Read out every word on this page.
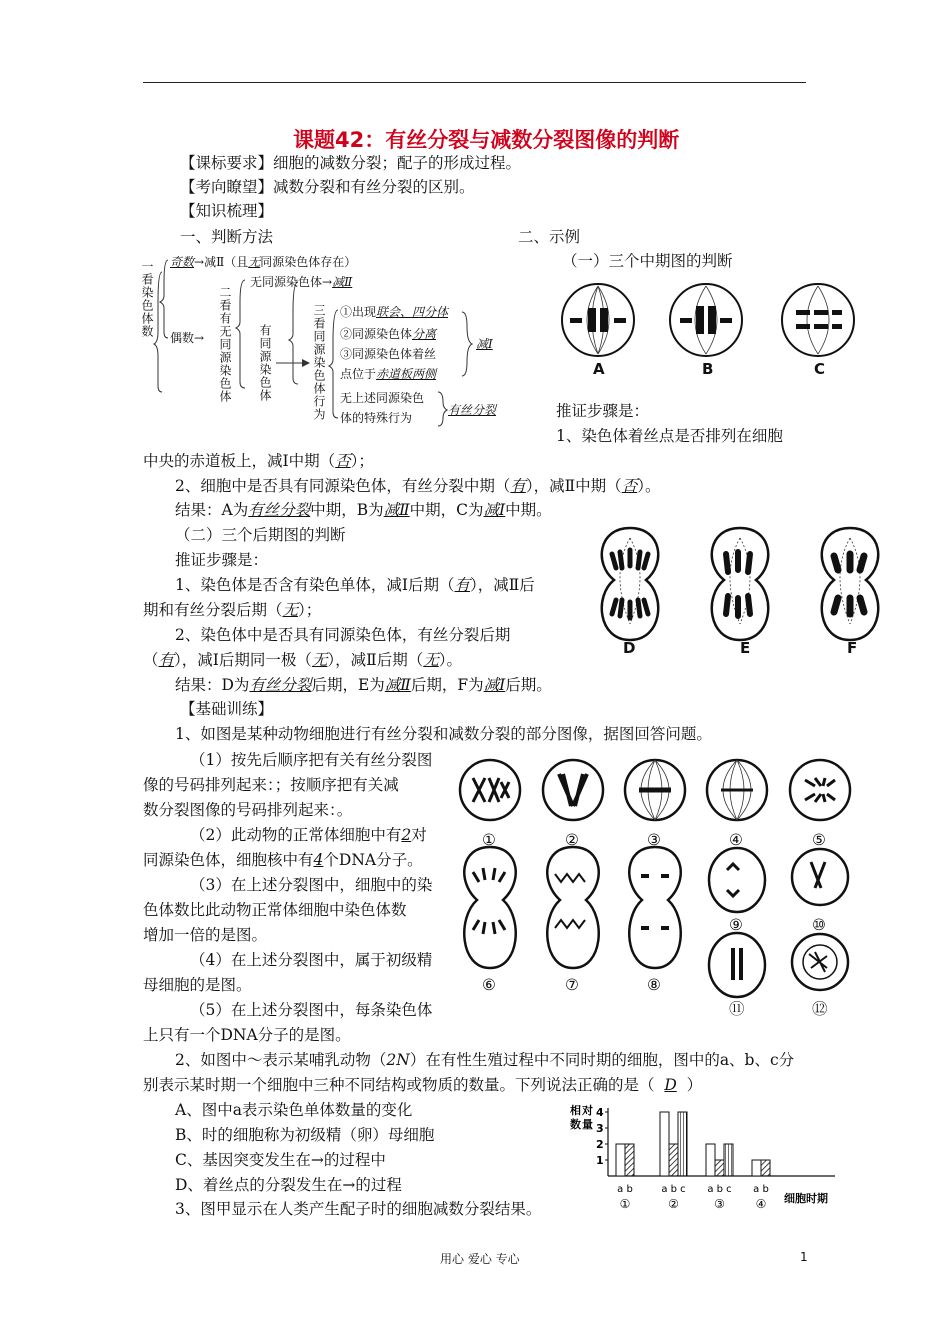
课题42：有丝分裂与减数分裂图像的判断
【课标要求】细胞的减数分裂；配子的形成过程。
【考向瞭望】减数分裂和有丝分裂的区别。
【知识梳理】
一、判断方法	二、示例
一看染色体数 奇数→减Ⅱ（且无同源染色体存在）
偶数→ 二看有无同源染色体
无同源染色体→减Ⅱ
有同源染色体	三看同源染色体行为 ①出现联会、四分体
②同源染色体分离
③同源染色体着丝
点位于赤道板两侧
减Ⅰ
无上述同源染色
体的特殊行为
有丝分裂
（一）三个中期图的判断
A	B	C
推证步骤是：
1、染色体着丝点是否排列在细胞
中央的赤道板上，减Ⅰ中期（否）；
2、细胞中是否具有同源染色体，有丝分裂中期（有），减Ⅱ中期（否）。
结果：A为有丝分裂中期，B为减Ⅱ中期，C为减Ⅰ中期。
（二）三个后期图的判断
推证步骤是：
1、染色体是否含有染色单体，减Ⅰ后期（有），减Ⅱ后
期和有丝分裂后期（无）；
2、染色体中是否具有同源染色体，有丝分裂后期
（有），减Ⅰ后期同一极（无），减Ⅱ后期（无）。
结果：D为有丝分裂后期，E为减Ⅱ后期，F为减Ⅰ后期。
D	E	F
【基础训练】
1、如图是某种动物细胞进行有丝分裂和减数分裂的部分图像，据图回答问题。
（1）按先后顺序把有关有丝分裂图
像的号码排列起来：；按顺序把有关减
数分裂图像的号码排列起来：。
（2）此动物的正常体细胞中有2对
同源染色体，细胞核中有4个DNA分子。
（3）在上述分裂图中，细胞中的染
色体数比此动物正常体细胞中染色体数
增加一倍的是图。
（4）在上述分裂图中，属于初级精
母细胞的是图。
（5）在上述分裂图中，每条染色体
上只有一个DNA分子的是图。
①	②	③	④	⑤
⑥	⑦	⑧
⑨	⑩
⑪	⑫
2、如图中～表示某哺乳动物（2N）在有性生殖过程中不同时期的细胞，图中的a、b、c分
别表示某时期一个细胞中三种不同结构或物质的数量。下列说法正确的是（ D ）
A、图中a表示染色单体数量的变化
B、时的细胞称为初级精（卵）母细胞
C、基因突变发生在→的过程中
D、着丝点的分裂发生在→的过程
3、图甲显示在人类产生配子时的细胞减数分裂结果。
相对数量
1
2
3
4
a b
①
a b c
②
a b c
③
a b
④ 细胞时期
用心 爱心 专心	1
